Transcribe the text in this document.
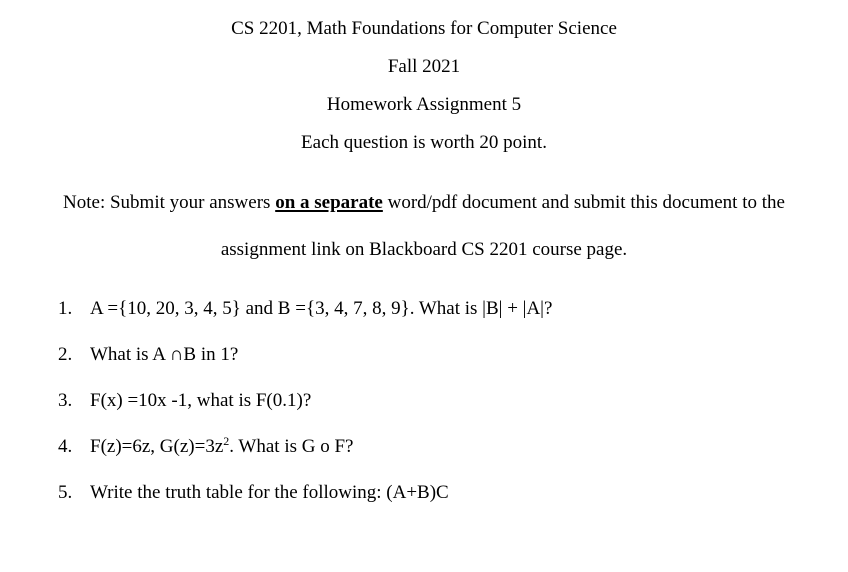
CS 2201, Math Foundations for Computer Science
Fall 2021
Homework Assignment 5
Each question is worth 20 point.
Note: Submit your answers on a separate word/pdf document and submit this document to the
assignment link on Blackboard CS 2201 course page.
1. A ={10, 20, 3, 4, 5} and B ={3, 4, 7, 8, 9}. What is |B| + |A|?
2. What is A ∩B in 1?
3. F(x) =10x -1, what is F(0.1)?
4. F(z)=6z, $G(z)=3z^2$. What is G o F?
5. Write the truth table for the following: (A+B)C
